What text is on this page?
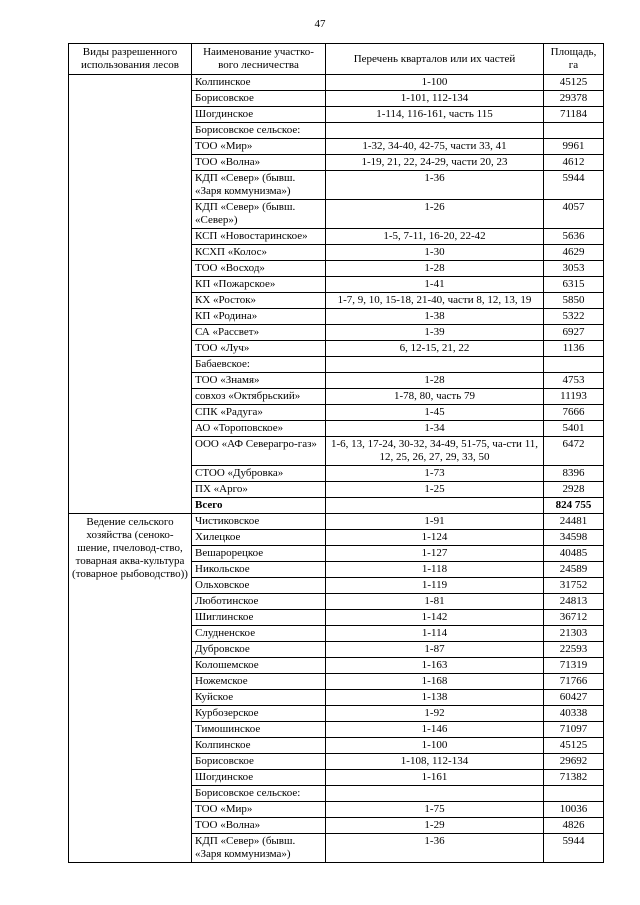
47
Виды разрешенного использования лесов	Наименование участко-вого лесничества	Перечень кварталов или их частей	Площадь, га
	Колпинское	1-100	45125
	Борисовское	1-101, 112-134	29378
	Шогдинское	1-114, 116-161, часть 115	71184
	Борисовское сельское:		
	ТОО «Мир»	1-32, 34-40, 42-75, части 33, 41	9961
	ТОО «Волна»	1-19, 21, 22, 24-29, части 20, 23	4612
	КДП «Север» (бывш. «Заря коммунизма»)	1-36	5944
	КДП «Север» (бывш. «Север»)	1-26	4057
	КСП «Новостаринское»	1-5, 7-11, 16-20, 22-42	5636
	КСХП «Колос»	1-30	4629
	ТОО «Восход»	1-28	3053
	КП «Пожарское»	1-41	6315
	КХ «Росток»	1-7, 9, 10, 15-18, 21-40, части 8, 12, 13, 19	5850
	КП «Родина»	1-38	5322
	СА «Рассвет»	1-39	6927
	ТОО «Луч»	6, 12-15, 21, 22	1136
	Бабаевское:		
	ТОО «Знамя»	1-28	4753
	совхоз «Октябрьский»	1-78, 80, часть 79	11193
	СПК «Радуга»	1-45	7666
	АО «Тороповское»	1-34	5401
	ООО «АФ Северагро-газ»	1-6, 13, 17-24, 30-32, 34-49, 51-75, ча-сти 11, 12, 25, 26, 27, 29, 33, 50	6472
	СТОО «Дубровка»	1-73	8396
	ПХ «Арго»	1-25	2928
	Всего		824 755
Ведение сельского хозяйства (сеноко-шение, пчеловод-ство, товарная аква-культура (товарное рыбоводство))	Чистиковское	1-91	24481
	Хилецкое	1-124	34598
	Вешарорецкое	1-127	40485
	Никольское	1-118	24589
	Ольховское	1-119	31752
	Люботинское	1-81	24813
	Шиглинское	1-142	36712
	Слудненское	1-114	21303
	Дубровское	1-87	22593
	Колошемское	1-163	71319
	Ножемское	1-168	71766
	Куйское	1-138	60427
	Курбозерское	1-92	40338
	Тимошинское	1-146	71097
	Колпинское	1-100	45125
	Борисовское	1-108, 112-134	29692
	Шогдинское	1-161	71382
	Борисовское сельское:		
	ТОО «Мир»	1-75	10036
	ТОО «Волна»	1-29	4826
	КДП «Север» (бывш. «Заря коммунизма»)	1-36	5944
